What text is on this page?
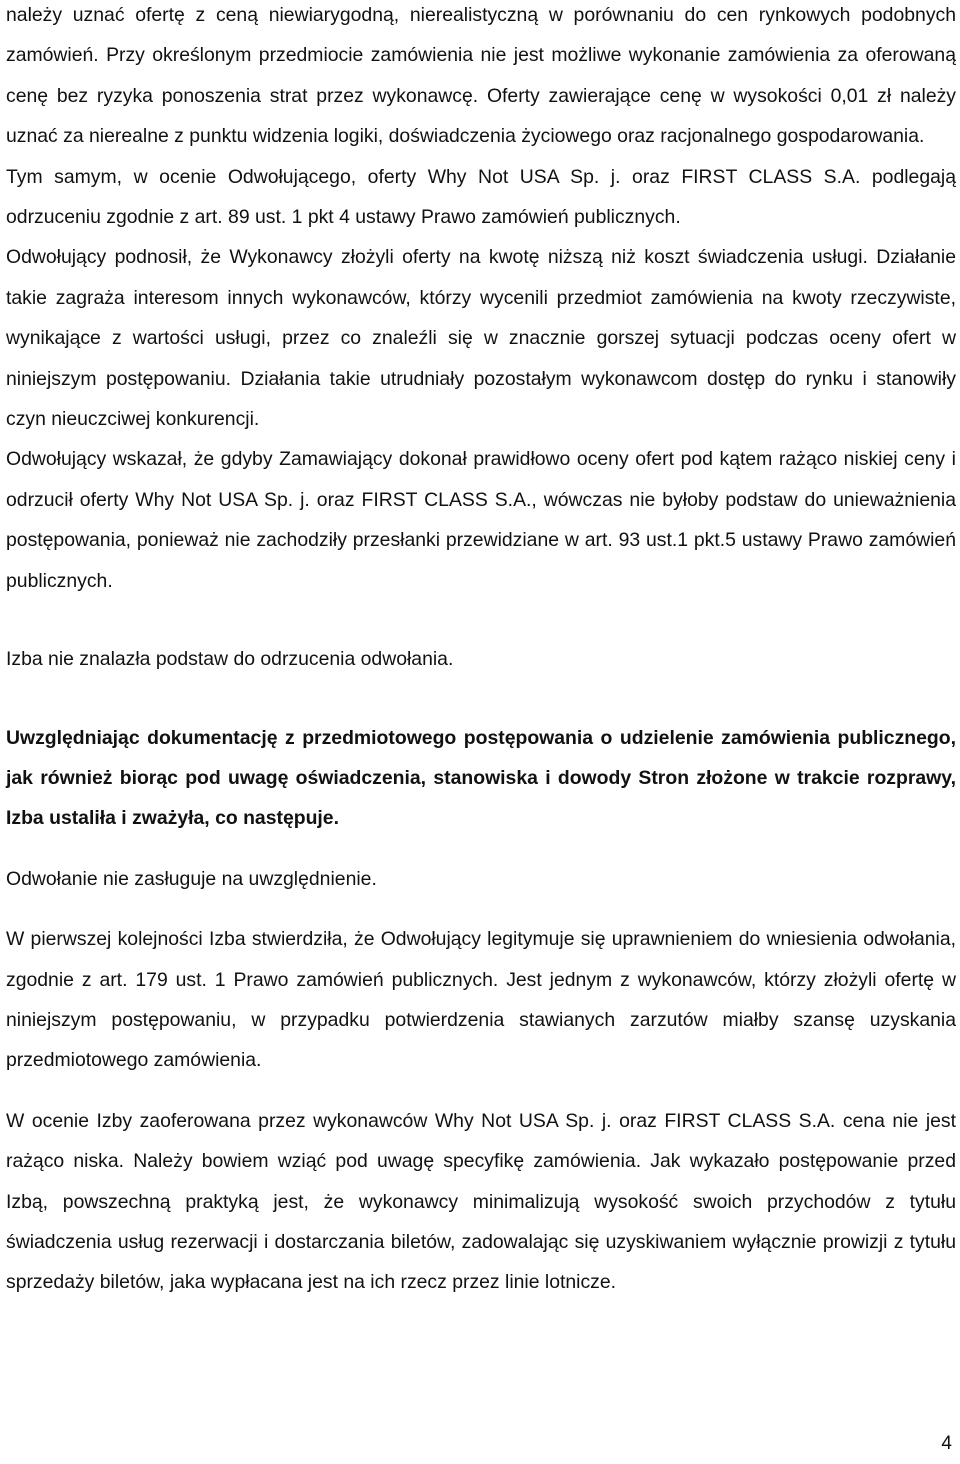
należy uznać ofertę z ceną niewiarygodną, nierealistyczną w porównaniu do cen rynkowych podobnych zamówień. Przy określonym przedmiocie zamówienia nie jest możliwe wykonanie zamówienia za oferowaną cenę bez ryzyka ponoszenia strat przez wykonawcę. Oferty zawierające cenę w wysokości 0,01 zł należy uznać za nierealne z punktu widzenia logiki, doświadczenia życiowego oraz racjonalnego gospodarowania.

Tym samym, w ocenie Odwołującego, oferty Why Not USA Sp. j. oraz FIRST CLASS S.A. podlegają odrzuceniu zgodnie z art. 89 ust. 1 pkt 4 ustawy Prawo zamówień publicznych.

Odwołujący podnosił, że Wykonawcy złożyli oferty na kwotę niższą niż koszt świadczenia usługi. Działanie takie zagraża interesom innych wykonawców, którzy wycenili przedmiot zamówienia na kwoty rzeczywiste, wynikające z wartości usługi, przez co znaleźli się w znacznie gorszej sytuacji podczas oceny ofert w niniejszym postępowaniu. Działania takie utrudniały pozostałym wykonawcom dostęp do rynku i stanowiły czyn nieuczciwej konkurencji.

Odwołujący wskazał, że gdyby Zamawiający dokonał prawidłowo oceny ofert pod kątem rażąco niskiej ceny i odrzucił oferty Why Not USA Sp. j. oraz FIRST CLASS S.A., wówczas nie byłoby podstaw do unieważnienia postępowania, ponieważ nie zachodziły przesłanki przewidziane w art. 93 ust.1 pkt.5 ustawy Prawo zamówień publicznych.

Izba nie znalazła podstaw do odrzucenia odwołania.

Uwzględniając dokumentację z przedmiotowego postępowania o udzielenie zamówienia publicznego, jak również biorąc pod uwagę oświadczenia, stanowiska i dowody Stron złożone w trakcie rozprawy, Izba ustaliła i zważyła, co następuje.

Odwołanie nie zasługuje na uwzględnienie.

W pierwszej kolejności Izba stwierdziła, że Odwołujący legitymuje się uprawnieniem do wniesienia odwołania, zgodnie z art. 179 ust. 1 Prawo zamówień publicznych. Jest jednym z wykonawców, którzy złożyli ofertę w niniejszym postępowaniu, w przypadku potwierdzenia stawianych zarzutów miałby szansę uzyskania przedmiotowego zamówienia.

W ocenie Izby zaoferowana przez wykonawców Why Not USA Sp. j. oraz FIRST CLASS S.A. cena nie jest rażąco niska. Należy bowiem wziąć pod uwagę specyfikę zamówienia. Jak wykazało postępowanie przed Izbą, powszechną praktyką jest, że wykonawcy minimalizują wysokość swoich przychodów z tytułu świadczenia usług rezerwacji i dostarczania biletów, zadowalając się uzyskiwaniem wyłącznie prowizji z tytułu sprzedaży biletów, jaka wypłacana jest na ich rzecz przez linie lotnicze.

4
